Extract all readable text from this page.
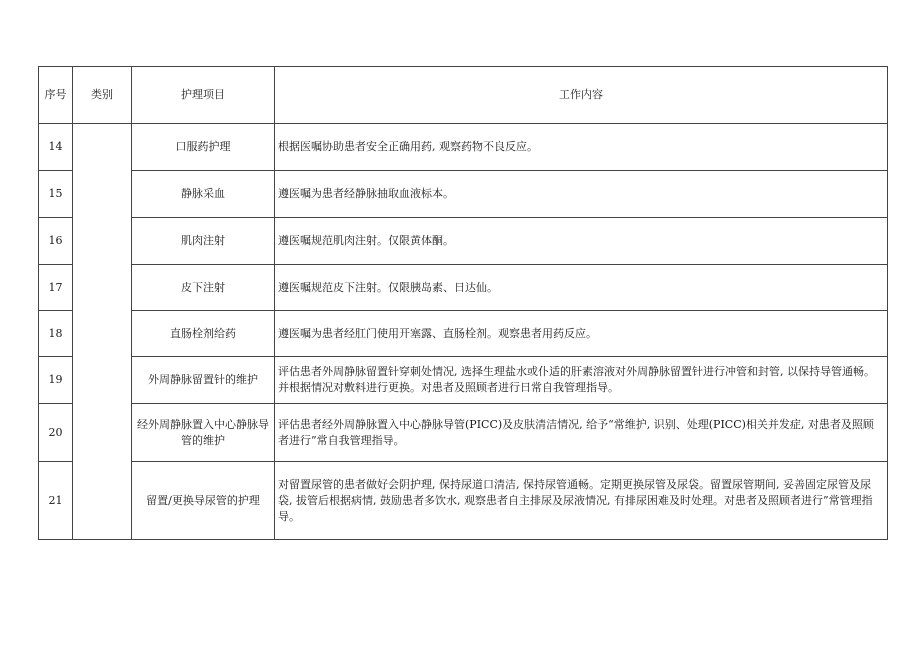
序号	类别	护理项目	工作内容
14		口服药护理	根据医嘱协助患者安全正确用药, 观察药物不良反应。
15		静脉采血	遵医嘱为患者经静脉抽取血液标本。
16		肌肉注射	遵医嘱规范肌肉注射。仅限黄体酮。
17		皮下注射	遵医嘱规范皮下注射。仅限胰岛素、日达仙。
18		直肠栓剂给药	遵医嘱为患者经肛门使用开塞露、直肠栓剂。观察患者用药反应。
19		外周静脉留置针的维护	评估患者外周静脉留置针穿刺处情况, 选择生理盐水或仆适的肝素溶液对外周静脉留置针进行冲管和封管, 以保持导管通畅。并根据情况对敷料进行更换。对患者及照顾者进行日常自我管理指导。
20		经外周静脉置入中心静脉导管的维护	评估患者经外周静脉置入中心静脉导管(PICC)及皮肤清洁情况, 给予“常维护, 识别、处理(PICC)相关并发症, 对患者及照顾者进行”常自我管理指导。
21		留置/更换导尿管的护理	对留置尿管的患者做好会阴护理, 保持尿道口清洁, 保持尿管通畅。定期更换尿管及尿袋。留置尿管期间, 妥善固定尿管及尿袋, 拔管后根据病情, 鼓励患者多饮水, 观察患者自主排尿及尿液情况, 有排尿困难及时处理。对患者及照顾者进行”常管理指导。
